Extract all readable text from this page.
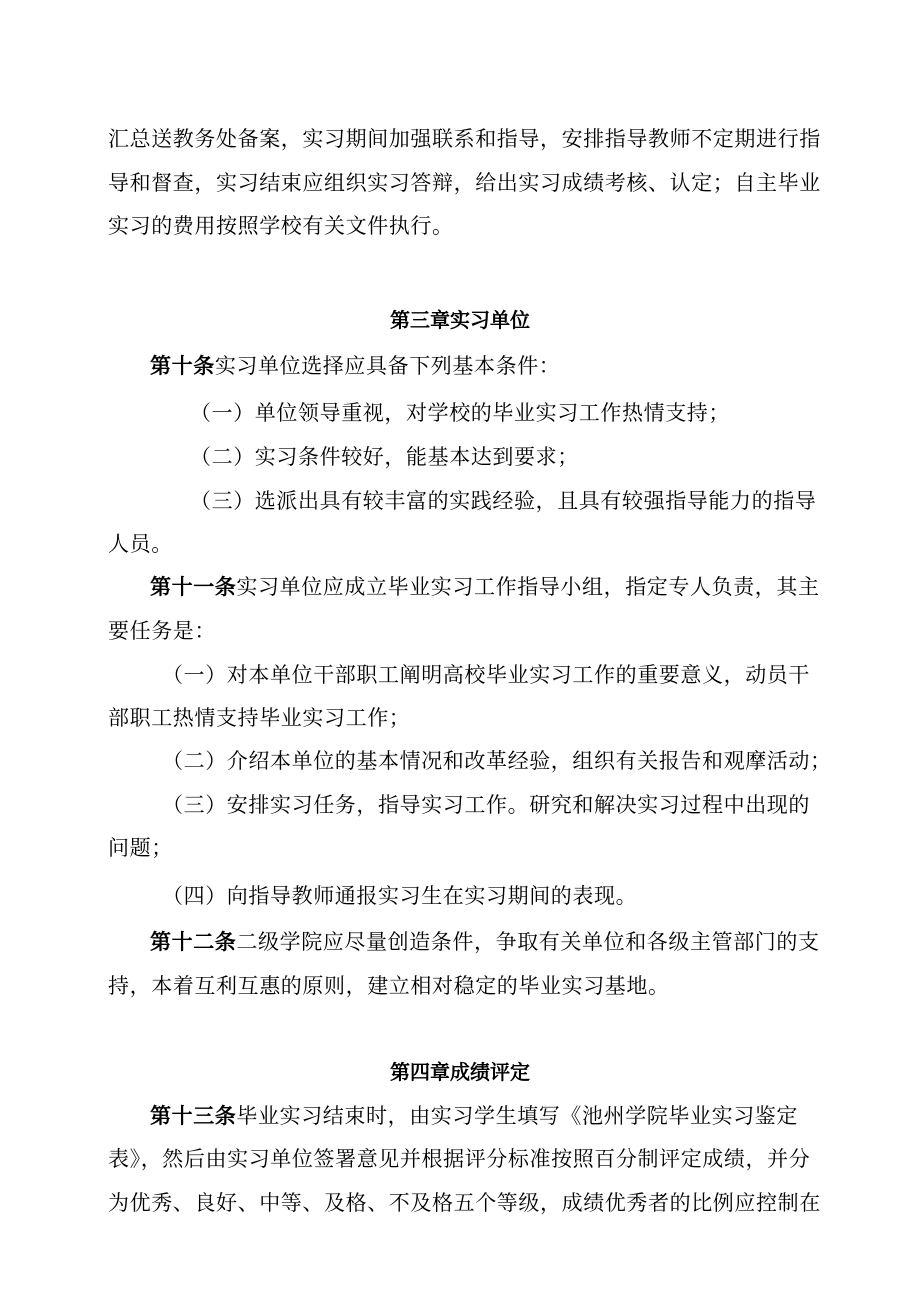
汇总送教务处备案，实习期间加强联系和指导，安排指导教师不定期进行指
导和督查，实习结束应组织实习答辩，给出实习成绩考核、认定；自主毕业
实习的费用按照学校有关文件执行。
第三章实习单位
第十条实习单位选择应具备下列基本条件：
（一）单位领导重视，对学校的毕业实习工作热情支持；
（二）实习条件较好，能基本达到要求；
（三）选派出具有较丰富的实践经验，且具有较强指导能力的指导
人员。
第十一条实习单位应成立毕业实习工作指导小组，指定专人负责，其主
要任务是：
（一）对本单位干部职工阐明高校毕业实习工作的重要意义，动员干
部职工热情支持毕业实习工作；
（二）介绍本单位的基本情况和改革经验，组织有关报告和观摩活动；
（三）安排实习任务，指导实习工作。研究和解决实习过程中出现的
问题；
（四）向指导教师通报实习生在实习期间的表现。
第十二条二级学院应尽量创造条件，争取有关单位和各级主管部门的支
持，本着互利互惠的原则，建立相对稳定的毕业实习基地。
第四章成绩评定
第十三条毕业实习结束时，由实习学生填写《池州学院毕业实习鉴定
表》，然后由实习单位签署意见并根据评分标准按照百分制评定成绩，并分
为优秀、良好、中等、及格、不及格五个等级，成绩优秀者的比例应控制在
